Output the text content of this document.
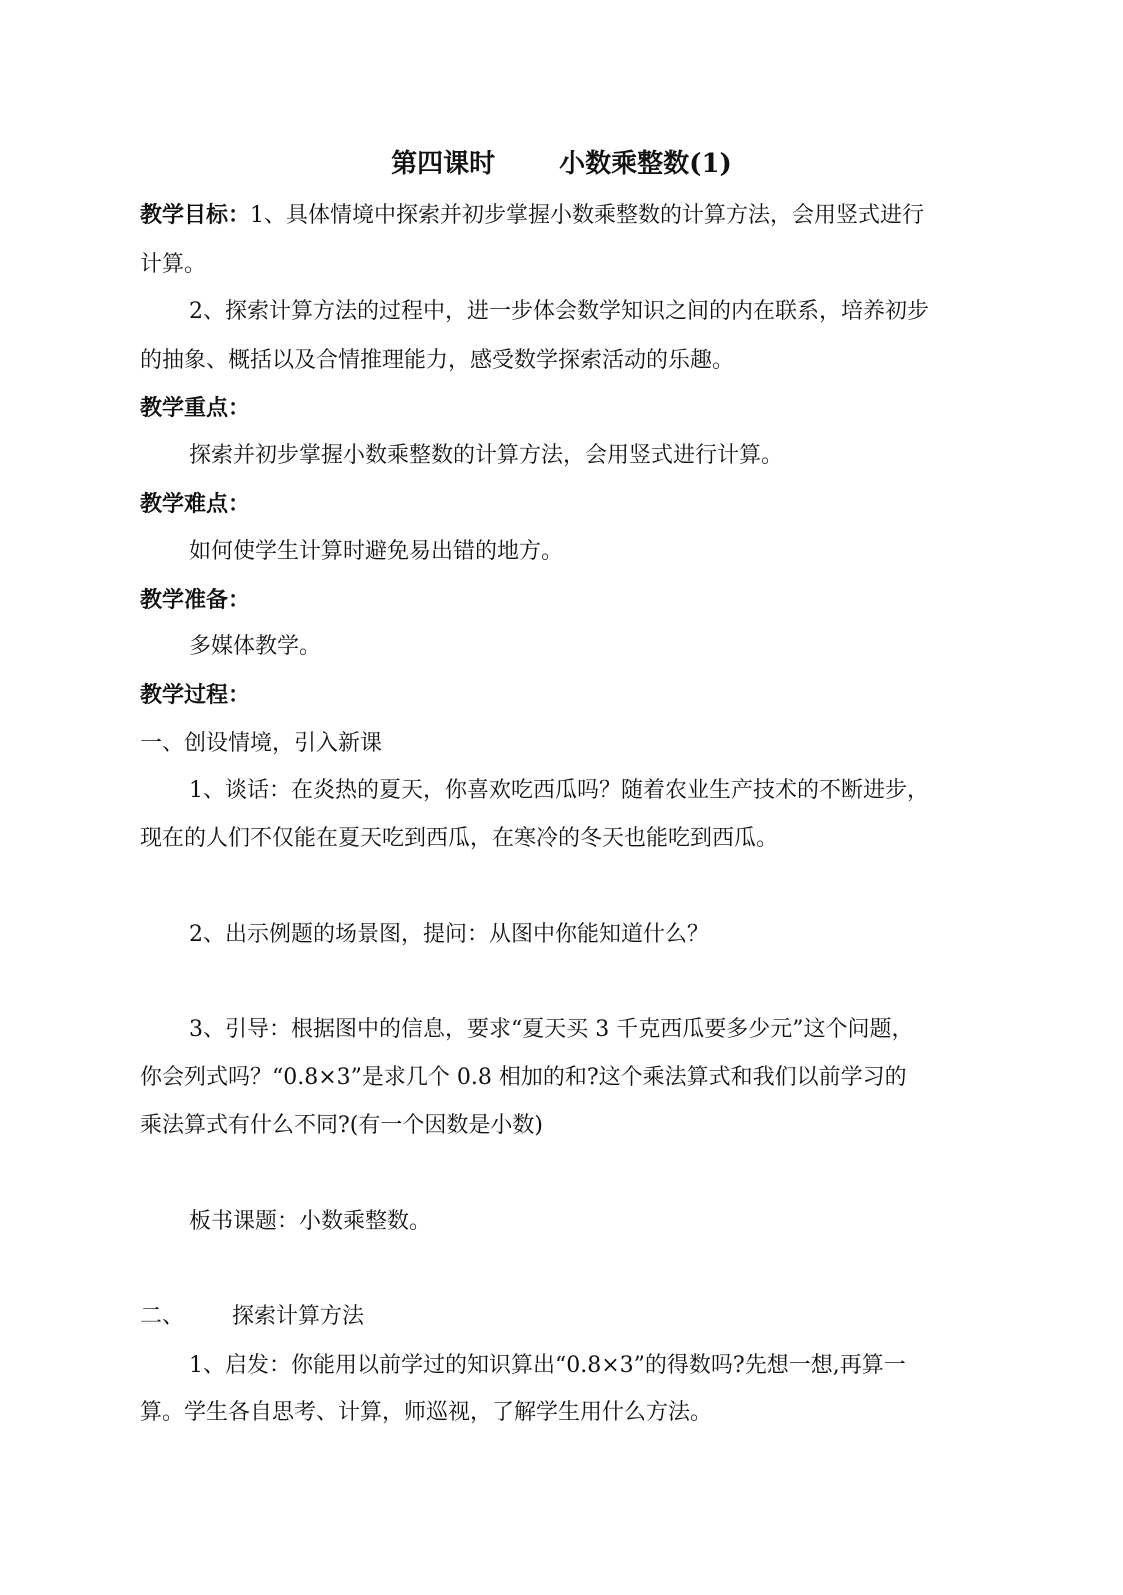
第四课时 小数乘整数(1)
教学目标：1、具体情境中探索并初步掌握小数乘整数的计算方法，会用竖式进行
计算。
2、探索计算方法的过程中，进一步体会数学知识之间的内在联系，培养初步
的抽象、概括以及合情推理能力，感受数学探索活动的乐趣。
教学重点：
探索并初步掌握小数乘整数的计算方法，会用竖式进行计算。
教学难点：
如何使学生计算时避免易出错的地方。
教学准备：
多媒体教学。
教学过程：
一、创设情境，引入新课
1、谈话：在炎热的夏天，你喜欢吃西瓜吗？随着农业生产技术的不断进步，
现在的人们不仅能在夏天吃到西瓜，在寒冷的冬天也能吃到西瓜。
2、出示例题的场景图，提问：从图中你能知道什么？
3、引导：根据图中的信息，要求“夏天买 3 千克西瓜要多少元”这个问题，
你会列式吗？“0.8×3”是求几个 0.8 相加的和?这个乘法算式和我们以前学习的
乘法算式有什么不同?(有一个因数是小数)
板书课题：小数乘整数。
二、 探索计算方法
1、启发：你能用以前学过的知识算出“0.8×3”的得数吗?先想一想,再算一
算。学生各自思考、计算，师巡视，了解学生用什么方法。
